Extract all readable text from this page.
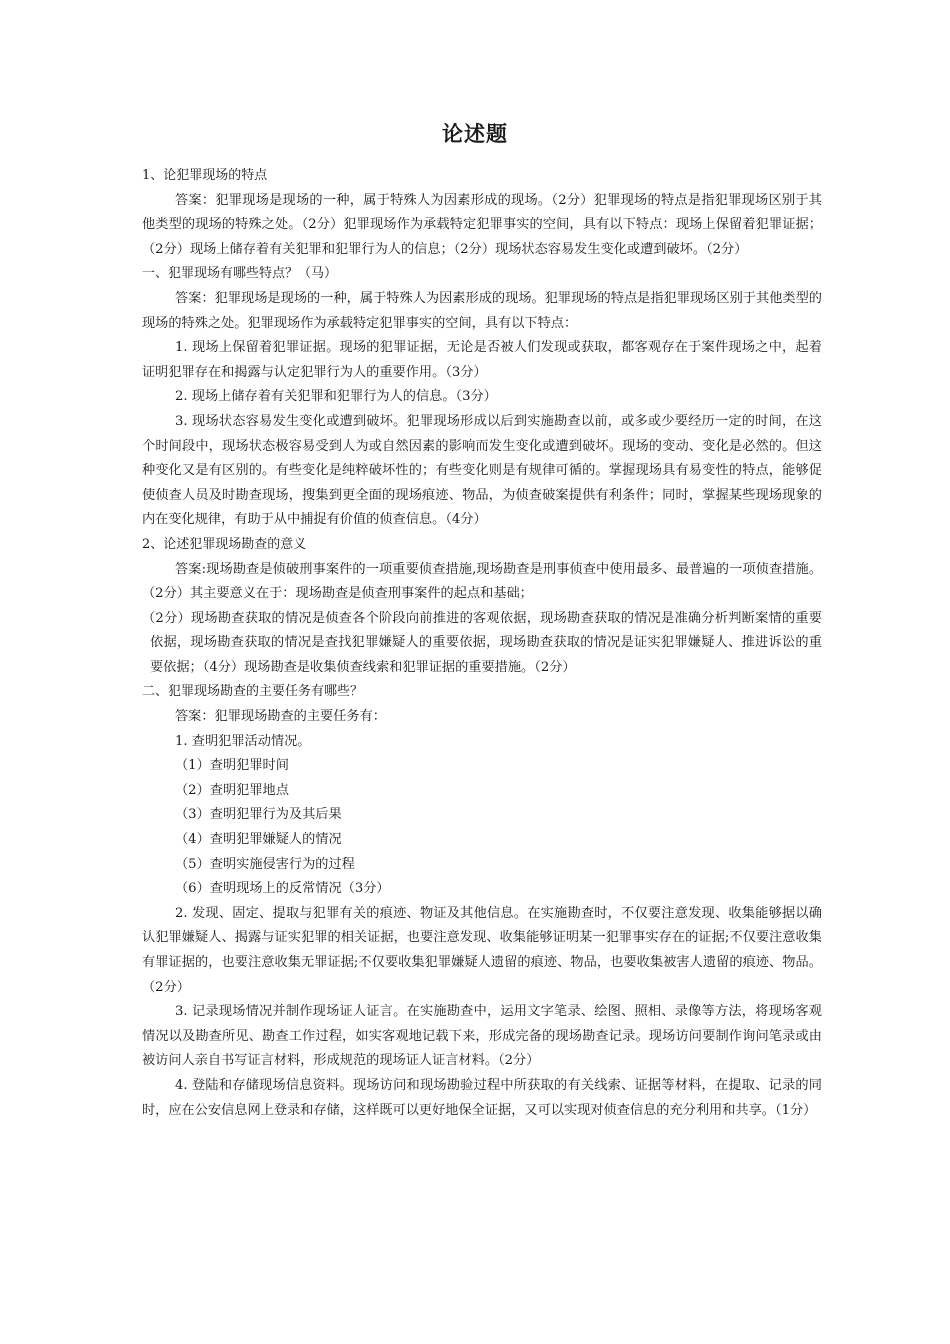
论述题

1、论犯罪现场的特点

答案：犯罪现场是现场的一种，属于特殊人为因素形成的现场。（2分）犯罪现场的特点是指犯罪现场区别于其他类型的现场的特殊之处。（2分）犯罪现场作为承载特定犯罪事实的空间，具有以下特点：现场上保留着犯罪证据；（2分）现场上储存着有关犯罪和犯罪行为人的信息；（2分）现场状态容易发生变化或遭到破坏。（2分）

一、犯罪现场有哪些特点？（马）

答案：犯罪现场是现场的一种，属于特殊人为因素形成的现场。犯罪现场的特点是指犯罪现场区别于其他类型的现场的特殊之处。犯罪现场作为承载特定犯罪事实的空间，具有以下特点：

1. 现场上保留着犯罪证据。现场的犯罪证据，无论是否被人们发现或获取，都客观存在于案件现场之中，起着证明犯罪存在和揭露与认定犯罪行为人的重要作用。（3分）

2. 现场上储存着有关犯罪和犯罪行为人的信息。（3分）

3. 现场状态容易发生变化或遭到破坏。犯罪现场形成以后到实施勘查以前，或多或少要经历一定的时间，在这个时间段中，现场状态极容易受到人为或自然因素的影响而发生变化或遭到破坏。现场的变动、变化是必然的。但这种变化又是有区别的。有些变化是纯粹破坏性的；有些变化则是有规律可循的。掌握现场具有易变性的特点，能够促使侦查人员及时勘查现场，搜集到更全面的现场痕迹、物品，为侦查破案提供有利条件；同时，掌握某些现场现象的内在变化规律，有助于从中捕捉有价值的侦查信息。（4分）

2、论述犯罪现场勘查的意义

答案:现场勘查是侦破刑事案件的一项重要侦查措施,现场勘查是刑事侦查中使用最多、最普遍的一项侦查措施。（2分）其主要意义在于：现场勘查是侦查刑事案件的起点和基础；

（2分）现场勘查获取的情况是侦查各个阶段向前推进的客观依据，现场勘查获取的情况是准确分析判断案情的重要依据，现场勘查获取的情况是查找犯罪嫌疑人的重要依据，现场勘查获取的情况是证实犯罪嫌疑人、推进诉讼的重要依据；（4分）现场勘查是收集侦查线索和犯罪证据的重要措施。（2分）

二、犯罪现场勘查的主要任务有哪些？

答案：犯罪现场勘查的主要任务有：

1. 查明犯罪活动情况。

（1）查明犯罪时间

（2）查明犯罪地点

（3）查明犯罪行为及其后果

（4）查明犯罪嫌疑人的情况

（5）查明实施侵害行为的过程

（6）查明现场上的反常情况（3分）

2. 发现、固定、提取与犯罪有关的痕迹、物证及其他信息。在实施勘查时，不仅要注意发现、收集能够据以确认犯罪嫌疑人、揭露与证实犯罪的相关证据，也要注意发现、收集能够证明某一犯罪事实存在的证据;不仅要注意收集有罪证据的，也要注意收集无罪证据;不仅要收集犯罪嫌疑人遗留的痕迹、物品，也要收集被害人遗留的痕迹、物品。（2分）

3. 记录现场情况并制作现场证人证言。在实施勘查中，运用文字笔录、绘图、照相、录像等方法，将现场客观情况以及勘查所见、勘查工作过程，如实客观地记载下来，形成完备的现场勘查记录。现场访问要制作询问笔录或由被访问人亲自书写证言材料，形成规范的现场证人证言材料。（2分）

4. 登陆和存储现场信息资料。现场访问和现场勘验过程中所获取的有关线索、证据等材料，在提取、记录的同时，应在公安信息网上登录和存储，这样既可以更好地保全证据，又可以实现对侦查信息的充分利用和共享。（1分）
